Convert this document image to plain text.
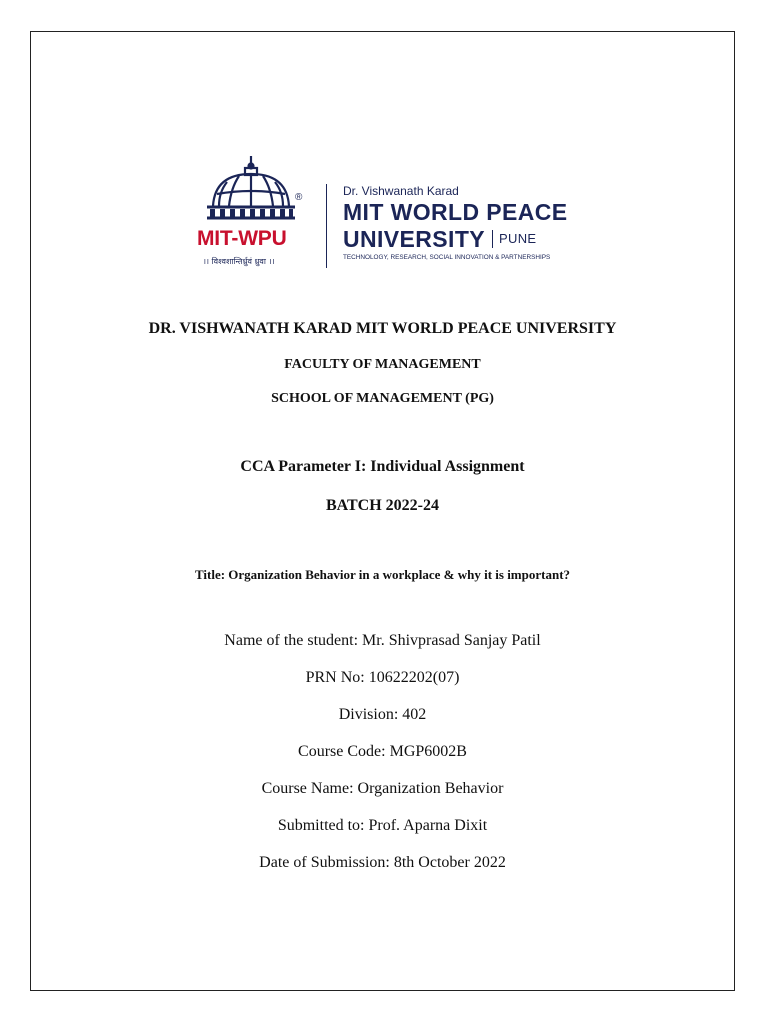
®
MIT-WPU
।। विश्वशान्तिर्ध्रुवं ध्रुवा ।।
Dr. Vishwanath Karad
MIT WORLD PEACE
UNIVERSITY PUNE
TECHNOLOGY, RESEARCH, SOCIAL INNOVATION & PARTNERSHIPS
DR. VISHWANATH KARAD MIT WORLD PEACE UNIVERSITY
FACULTY OF MANAGEMENT
SCHOOL OF MANAGEMENT (PG)
CCA Parameter I: Individual Assignment
BATCH 2022-24
Title: Organization Behavior in a workplace & why it is important?
Name of the student: Mr. Shivprasad Sanjay Patil
PRN No: 10622202(07)
Division: 402
Course Code: MGP6002B
Course Name: Organization Behavior
Submitted to: Prof. Aparna Dixit
Date of Submission: 8th October 2022
